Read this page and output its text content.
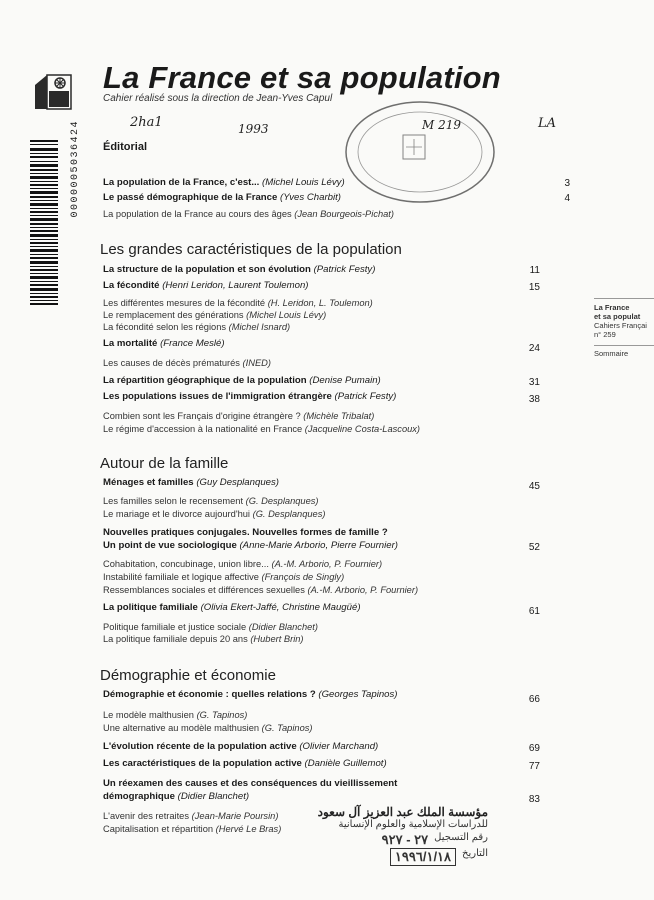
0000005036424
La France et sa population
Cahier réalisé sous la direction de Jean-Yves Capul
2ha1	1993	LA
M 219
Éditorial
La population de la France, c'est... (Michel Louis Lévy)	3
Le passé démographique de la France (Yves Charbit)	4
La population de la France au cours des âges (Jean Bourgeois-Pichat)
Les grandes caractéristiques de la population
La structure de la population et son évolution (Patrick Festy)	11
La fécondité (Henri Leridon, Laurent Toulemon)	15
Les différentes mesures de la fécondité (H. Leridon, L. Toulemon)
Le remplacement des générations (Michel Louis Lévy)
La fécondité selon les régions (Michel Isnard)
La mortalité (France Meslé)	24
Les causes de décès prématurés (INED)
La répartition géographique de la population (Denise Pumain)	31
Les populations issues de l'immigration étrangère (Patrick Festy)	38
Combien sont les Français d'origine étrangère ? (Michèle Tribalat)
Le régime d'accession à la nationalité en France (Jacqueline Costa-Lascoux)
Autour de la famille
Ménages et familles (Guy Desplanques)	45
Les familles selon le recensement (G. Desplanques)
Le mariage et le divorce aujourd'hui (G. Desplanques)
Nouvelles pratiques conjugales. Nouvelles formes de famille ?
Un point de vue sociologique (Anne-Marie Arborio, Pierre Fournier)	52
Cohabitation, concubinage, union libre... (A.-M. Arborio, P. Fournier)
Instabilité familiale et logique affective (François de Singly)
Ressemblances sociales et différences sexuelles (A.-M. Arborio, P. Fournier)
La politique familiale (Olivia Ekert-Jaffé, Christine Maugüé)	61
Politique familiale et justice sociale (Didier Blanchet)
La politique familiale depuis 20 ans (Hubert Brin)
Démographie et économie
Démographie et économie : quelles relations ? (Georges Tapinos)	66
Le modèle malthusien (G. Tapinos)
Une alternative au modèle malthusien (G. Tapinos)
L'évolution récente de la population active (Olivier Marchand)	69
Les caractéristiques de la population active (Danièle Guillemot)	77
Un réexamen des causes et des conséquences du vieillissement
démographique (Didier Blanchet)	83
L'avenir des retraites (Jean-Marie Poursin)
Capitalisation et répartition (Hervé Le Bras)
مؤسسة الملك عبد العزيز آل سعود
للدراسات الإسلامية والعلوم الإنسانية
رقم التسجيل
٢٧ - ٩٢٧
التاريخ
١٩٩٦/١/١٨
La France
et sa populat
Cahiers Françai
n° 259
Sommaire
